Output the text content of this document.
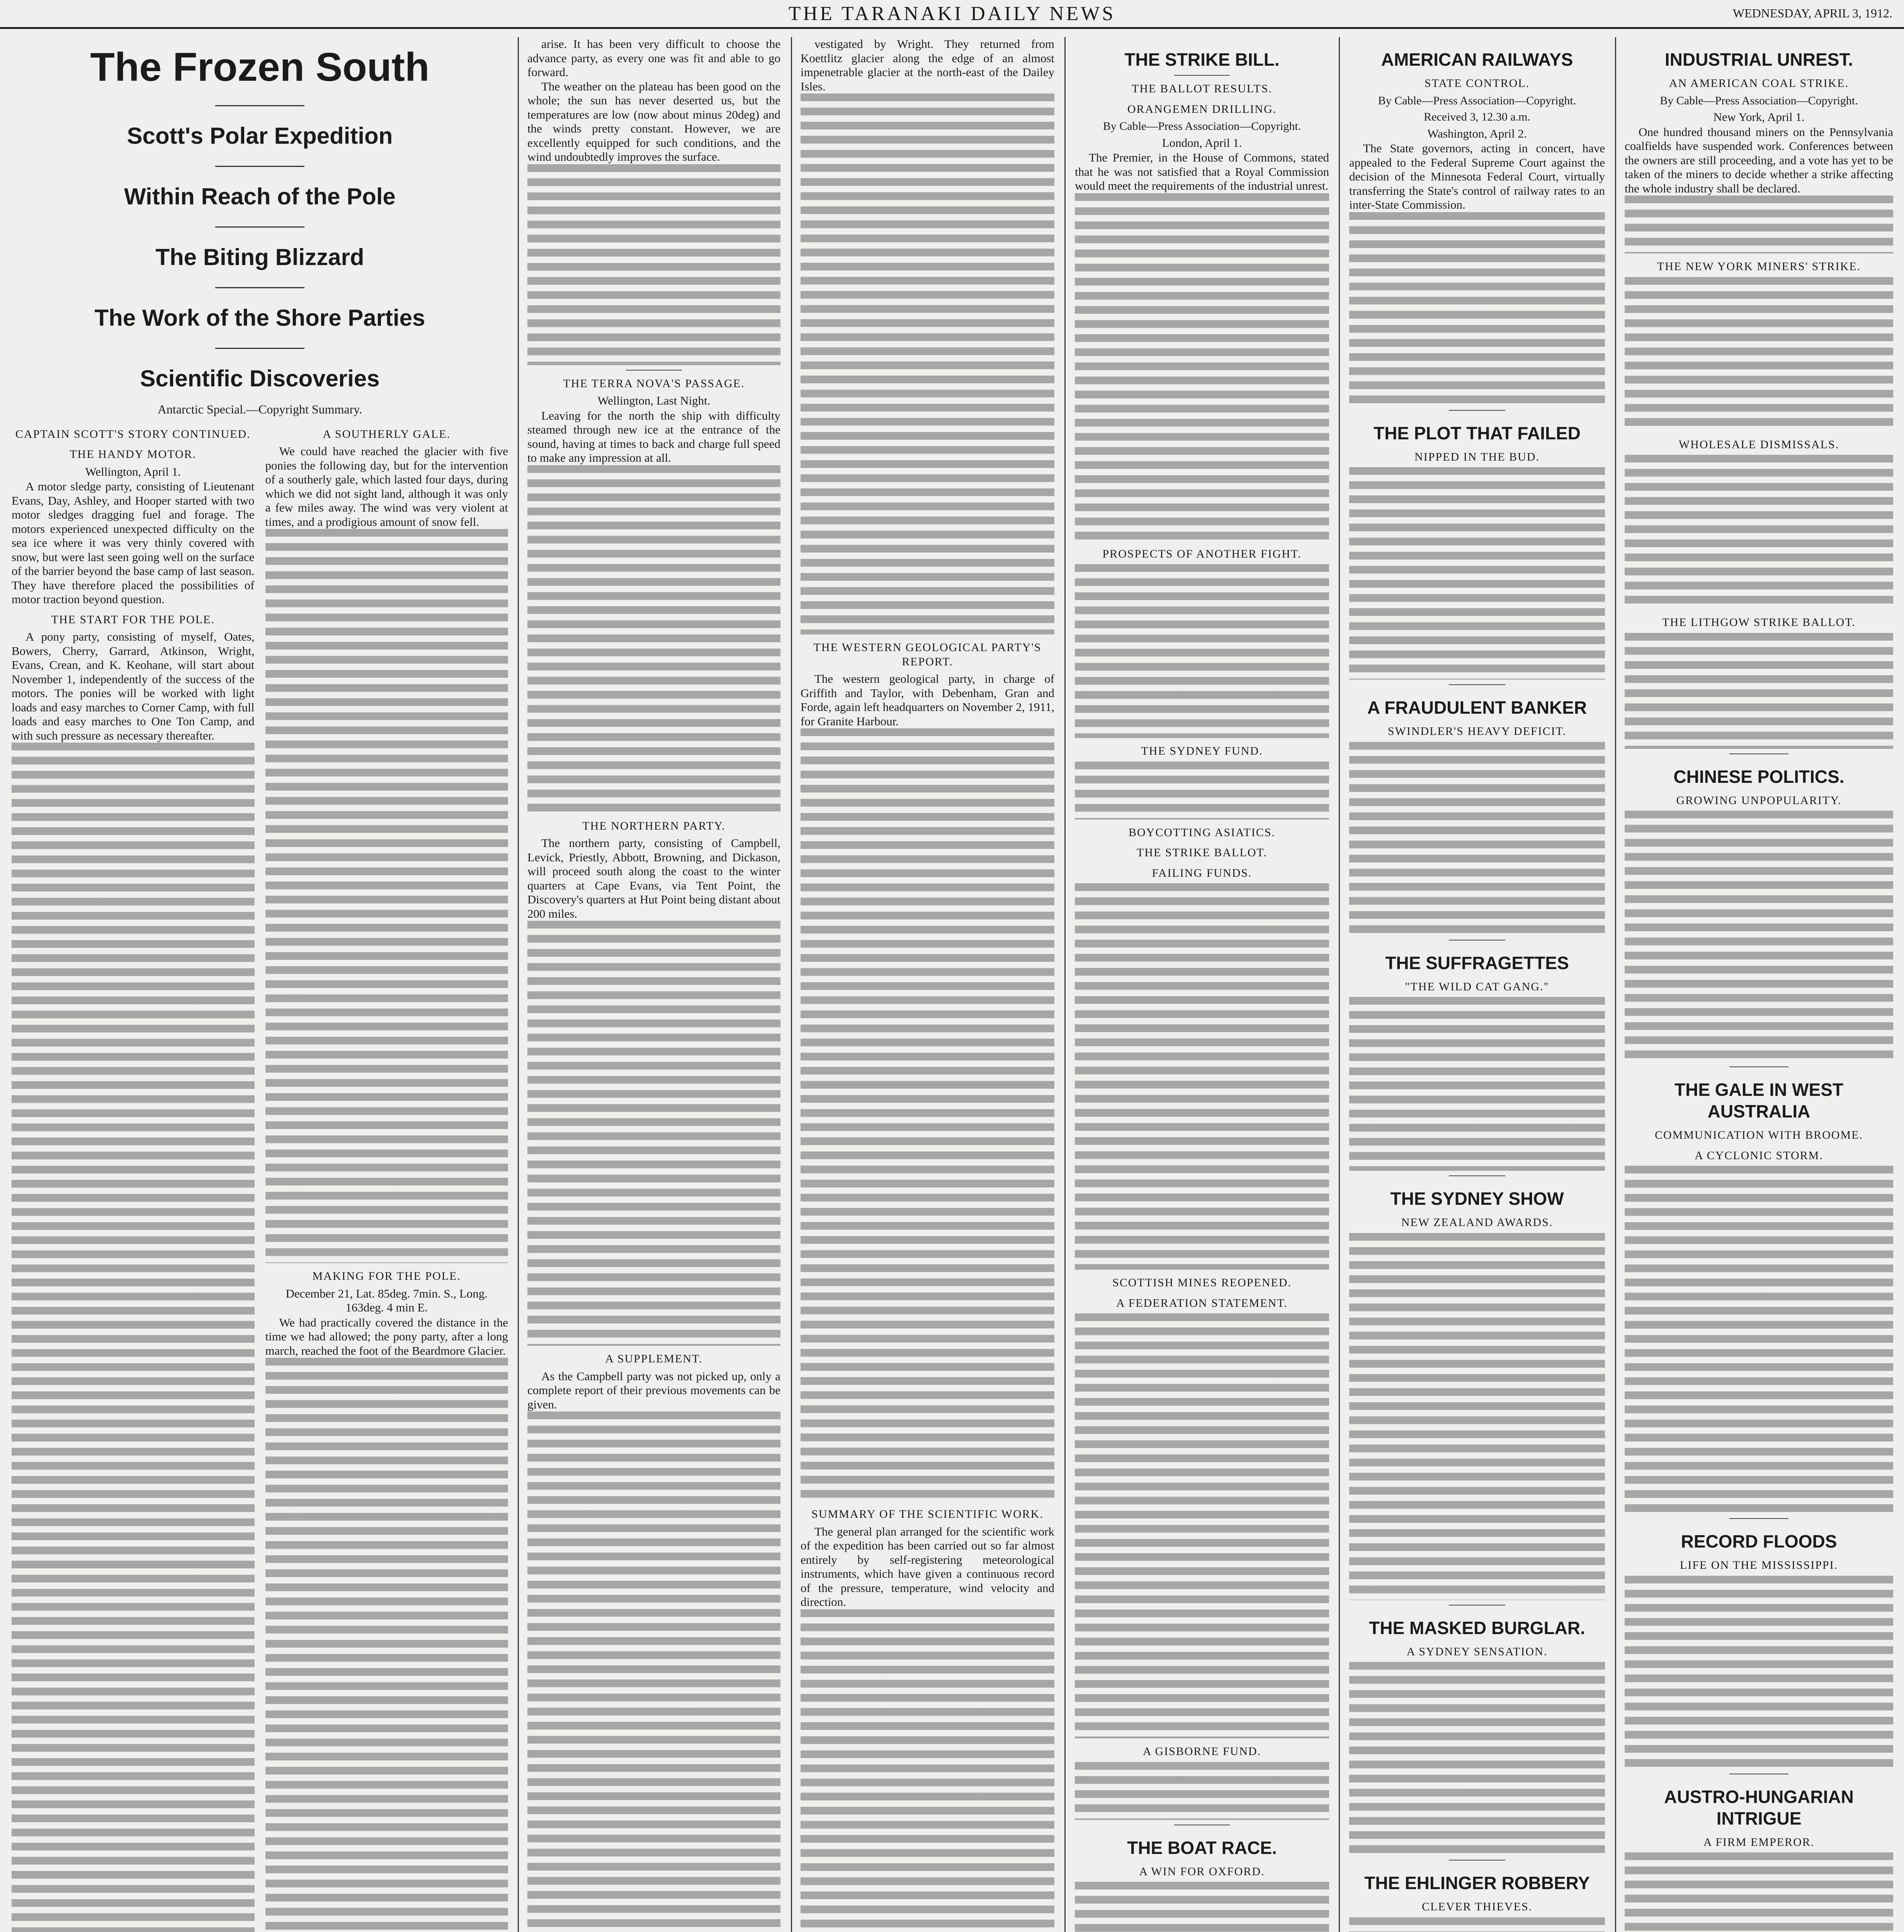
THE TARANAKI DAILY NEWS	WEDNESDAY, APRIL 3, 1912.
The Frozen South
Scott's Polar Expedition
Within Reach of the Pole
The Biting Blizzard
The Work of the Shore Parties
Scientific Discoveries
Antarctic Special.—Copyright Summary.
CAPTAIN SCOTT'S STORY CONTINUED.
THE HANDY MOTOR.
Wellington, April 1.

A motor sledge party, consisting of Lieutenant Evans, Day, Ashley, and Hooper started with two motor sledges dragging fuel and forage. The motors experienced unexpected difficulty on the sea ice where it was very thinly covered with snow, but were last seen going well on the surface of the barrier beyond the base camp of last season. They have therefore placed the possibilities of motor traction beyond question.

THE START FOR THE POLE.

A pony party, consisting of myself, Oates, Bowers, Cherry, Garrard, Atkinson, Wright, Evans, Crean, and K. Keohane, will start about November 1, independently of the success of the motors. The ponies will be worked with light loads and easy marches to Corner Camp, with full loads and easy marches to One Ton Camp, and with such pressure as necessary thereafter.

A SOUTHERLY GALE.

We could have reached the glacier with five ponies the following day, but for the intervention of a southerly gale, which lasted four days, during which we did not sight land, although it was only a few miles away. The wind was very violent at times, and a prodigious amount of snow fell.

MAKING FOR THE POLE.
December 21, Lat. 85deg. 7min. S., Long. 163deg. 4 min E.

We had practically covered the distance in the time we had allowed; the pony party, after a long march, reached the foot of the Beardmore Glacier.

arise. It has been very difficult to choose the advance party, as every one was fit and able to go forward.

The weather on the plateau has been good on the whole; the sun has never deserted us, but the temperatures are low (now about minus 20deg) and the winds pretty constant. However, we are excellently equipped for such conditions, and the wind undoubtedly improves the surface.

THE TERRA NOVA'S PASSAGE.
Wellington, Last Night.

Leaving for the north the ship with difficulty steamed through new ice at the entrance of the sound, having at times to back and charge full speed to make any impression at all.

THE NORTHERN PARTY.

The northern party, consisting of Campbell, Levick, Priestly, Abbott, Browning, and Dickason, will proceed south along the coast to the winter quarters at Cape Evans, via Tent Point, the Discovery's quarters at Hut Point being distant about 200 miles.

A SUPPLEMENT.

As the Campbell party was not picked up, only a complete report of their previous movements can be given.

vestigated by Wright. They returned from Koettlitz glacier along the edge of an almost impenetrable glacier at the north-east of the Dailey Isles.

THE WESTERN GEOLOGICAL PARTY'S REPORT.

The western geological party, in charge of Griffith and Taylor, with Debenham, Gran and Forde, again left headquarters on November 2, 1911, for Granite Harbour.

SUMMARY OF THE SCIENTIFIC WORK.

The general plan arranged for the scientific work of the expedition has been carried out so far almost entirely by self-registering meteorological instruments, which have given a continuous record of the pressure, temperature, wind velocity and direction.

THE STRIKE BILL.
THE BALLOT RESULTS.
ORANGEMEN DRILLING.
By Cable—Press Association—Copyright.
London, April 1.

The Premier, in the House of Commons, stated that he was not satisfied that a Royal Commission would meet the requirements of the industrial unrest.

PROSPECTS OF ANOTHER FIGHT.
THE SYDNEY FUND.
BOYCOTTING ASIATICS.
THE STRIKE BALLOT.
FAILING FUNDS.
SCOTTISH MINES REOPENED.
A FEDERATION STATEMENT.
A GISBORNE FUND.
THE BOAT RACE.
A WIN FOR OXFORD.

AMERICAN RAILWAYS
STATE CONTROL.
By Cable—Press Association—Copyright.
Received 3, 12.30 a.m.
Washington, April 2.

The State governors, acting in concert, have appealed to the Federal Supreme Court against the decision of the Minnesota Federal Court, virtually transferring the State's control of railway rates to an inter-State Commission.

THE PLOT THAT FAILED
NIPPED IN THE BUD.
A FRAUDULENT BANKER
SWINDLER'S HEAVY DEFICIT.
THE SUFFRAGETTES
"THE WILD CAT GANG."
THE SYDNEY SHOW
NEW ZEALAND AWARDS.
THE MASKED BURGLAR.
A SYDNEY SENSATION.
THE EHLINGER ROBBERY
CLEVER THIEVES.
INDUSTRIAL UNREST.
AN AMERICAN COAL STRIKE.
By Cable—Press Association—Copyright.
New York, April 1.

One hundred thousand miners on the Pennsylvania coalfields have suspended work. Conferences between the owners are still proceeding, and a vote has yet to be taken of the miners to decide whether a strike affecting the whole industry shall be declared.

THE NEW YORK MINERS' STRIKE.
WHOLESALE DISMISSALS.
THE LITHGOW STRIKE BALLOT.
CHINESE POLITICS.
GROWING UNPOPULARITY.
THE GALE IN WEST AUSTRALIA
COMMUNICATION WITH BROOME.
A CYCLONIC STORM.
RECORD FLOODS
LIFE ON THE MISSISSIPPI.
AUSTRO-HUNGARIAN INTRIGUE
A FIRM EMPEROR.
